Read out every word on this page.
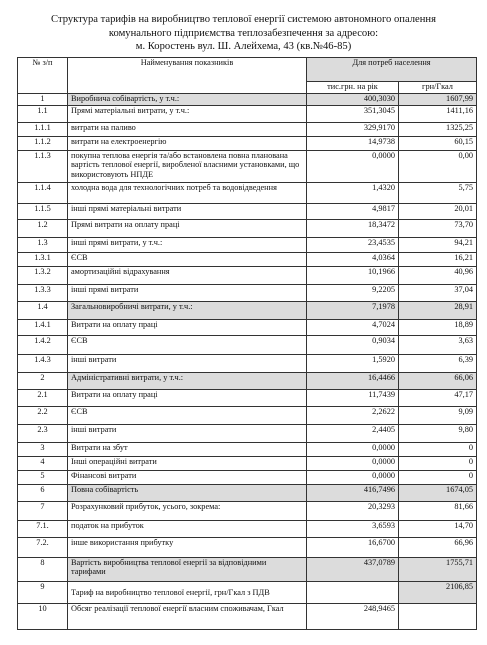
Структура тарифів на виробництво теплової енергії системою автономного опалення
комунального підприємства теплозабезпечення за адресою:
м. Коростень вул. Ш. Алейхема, 43 (кв.№46-85)
№ з/п	Найменування показників	Для потреб населення	
		тис.грн. на рік	грн/Гкал
1	Виробнича собівартість, у т.ч.:	400,3030	1607,99
1.1	Прямі матеріальні витрати, у т.ч.:	351,3045	1411,16
1.1.1	витрати на паливо	329,9170	1325,25
1.1.2	витрати на електроенергію	14,9738	60,15
1.1.3	покупна теплова енергія та/або встановлена повна планована вартість теплової енергії, виробленої власними установками, що використовують НПДЕ	0,0000	0,00
1.1.4	холодна вода для технологічних потреб та водовідведення	1,4320	5,75
1.1.5	інші прямі матеріальні витрати	4,9817	20,01
1.2	Прямі витрати на оплату праці	18,3472	73,70
1.3	інші прямі витрати, у т.ч.:	23,4535	94,21
1.3.1	ЄСВ	4,0364	16,21
1.3.2	амортизаційні відрахування	10,1966	40,96
1.3.3	інші прямі витрати	9,2205	37,04
1.4	Загальновиробничі витрати, у т.ч.:	7,1978	28,91
1.4.1	Витрати на оплату праці	4,7024	18,89
1.4.2	ЄСВ	0,9034	3,63
1.4.3	інші витрати	1,5920	6,39
2	Адміністративні витрати, у т.ч.:	16,4466	66,06
2.1	Витрати на оплату праці	11,7439	47,17
2.2	ЄСВ	2,2622	9,09
2.3	інші витрати	2,4405	9,80
3	Витрати на збут	0,0000	0
4	Інші операційні витрати	0,0000	0
5	Фінансові витрати	0,0000	0
6	Повна собівартість	416,7496	1674,05
7	Розрахунковий прибуток, усього, зокрема:	20,3293	81,66
7.1.	податок на прибуток	3,6593	14,70
7.2.	інше використання прибутку	16,6700	66,96
8	Вартість виробництва теплової енергії за відповідними тарифами	437,0789	1755,71
9	Тариф на виробництво теплової енергії, грн/Гкал з ПДВ		2106,85
10	Обсяг реалізації теплової енергії власним споживачам, Гкал	248,9465	
